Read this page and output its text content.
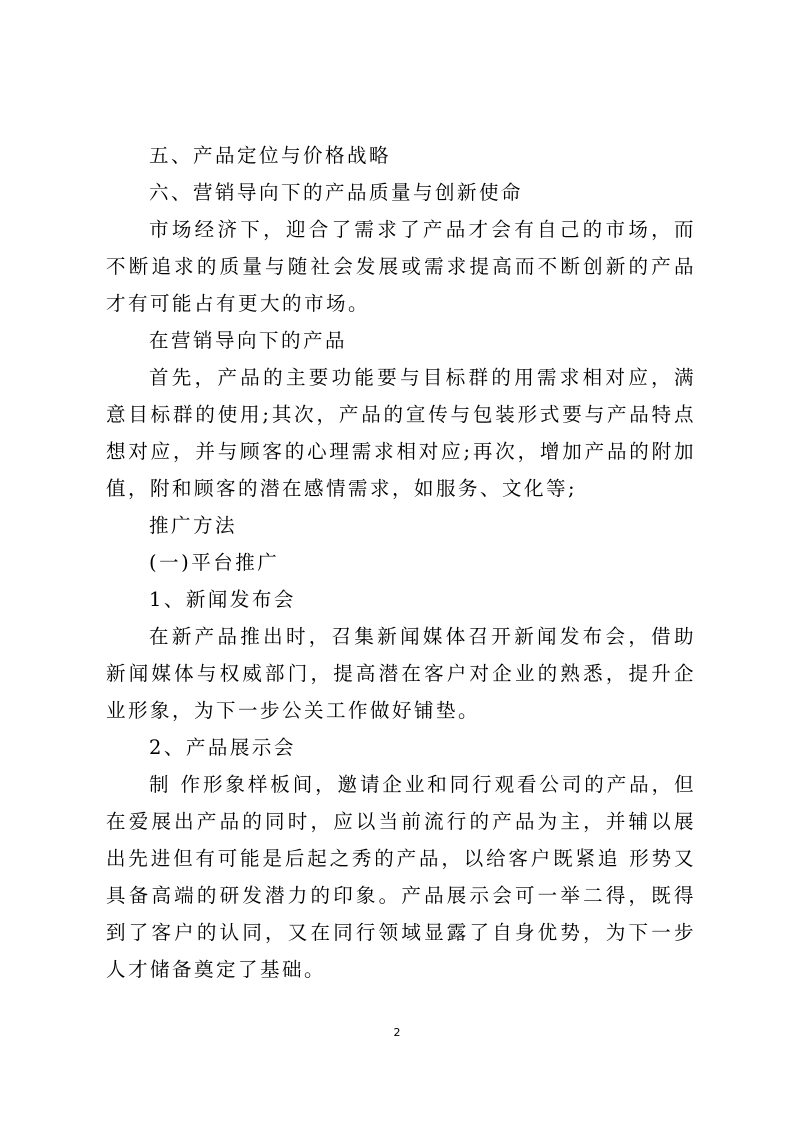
五、产品定位与价格战略

六、营销导向下的产品质量与创新使命

市场经济下，迎合了需求了产品才会有自己的市场，而不断追求的质量与随社会发展或需求提高而不断创新的产品才有可能占有更大的市场。

在营销导向下的产品

首先，产品的主要功能要与目标群的用需求相对应，满意目标群的使用;其次，产品的宣传与包装形式要与产品特点想对应，并与顾客的心理需求相对应;再次，增加产品的附加值，附和顾客的潜在感情需求，如服务、文化等;

推广方法

(一)平台推广

1、新闻发布会

在新产品推出时，召集新闻媒体召开新闻发布会，借助新闻媒体与权威部门，提高潜在客户对企业的熟悉，提升企业形象，为下一步公关工作做好铺垫。

2、产品展示会

制 作形象样板间，邀请企业和同行观看公司的产品，但在爱展出产品的同时，应以当前流行的产品为主，并辅以展出先进但有可能是后起之秀的产品，以给客户既紧追 形势又具备高端的研发潜力的印象。产品展示会可一举二得，既得到了客户的认同，又在同行领域显露了自身优势，为下一步人才储备奠定了基础。

2
